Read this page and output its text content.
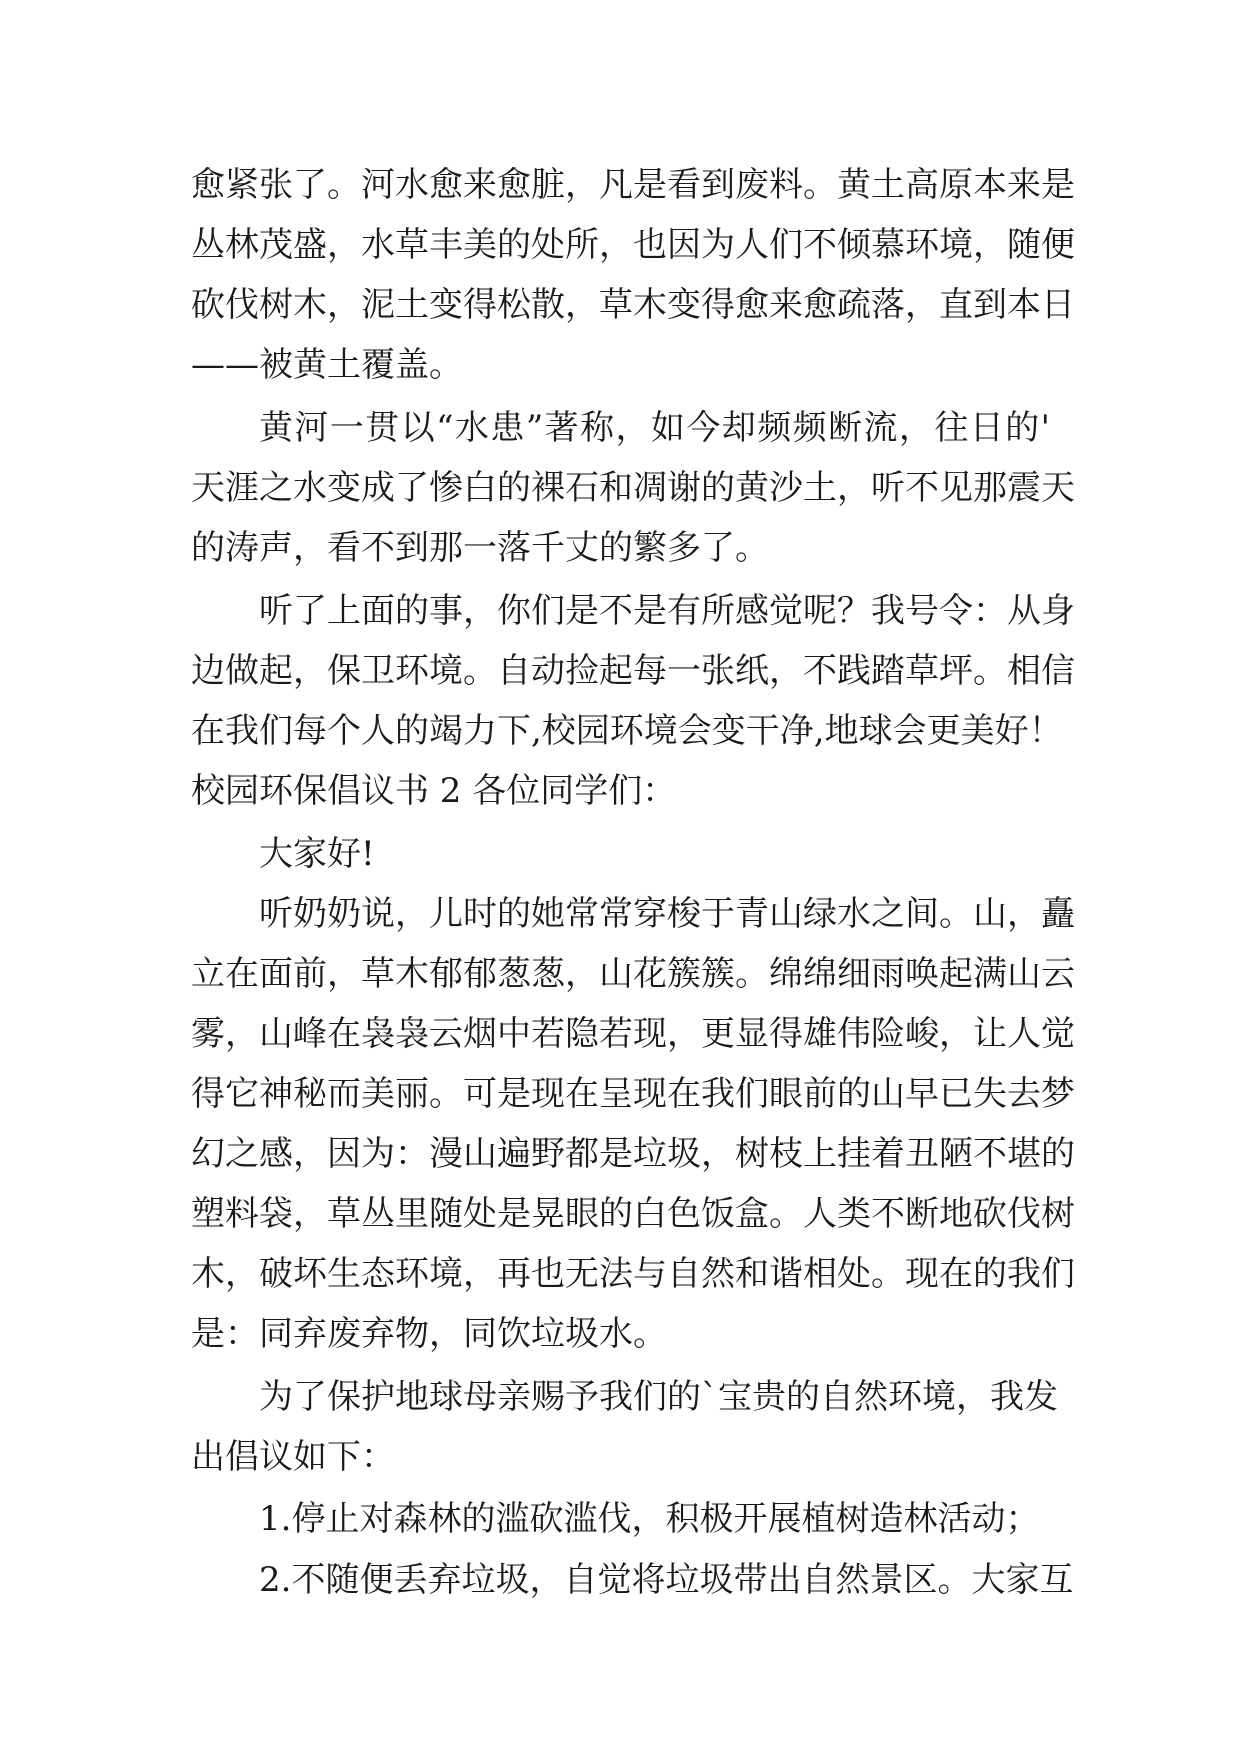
愈紧张了。河水愈来愈脏，凡是看到废料。黄土高原本来是
丛林茂盛，水草丰美的处所，也因为人们不倾慕环境，随便
砍伐树木，泥土变得松散，草木变得愈来愈疏落，直到本日
——被黄土覆盖。
黄河一贯以“水患”著称，如今却频频断流，往日的'
天涯之水变成了惨白的裸石和凋谢的黄沙土，听不见那震天
的涛声，看不到那一落千丈的繁多了。
听了上面的事，你们是不是有所感觉呢？我号令：从身
边做起，保卫环境。自动捡起每一张纸，不践踏草坪。相信
在我们每个人的竭力下,校园环境会变干净,地球会更美好！
校园环保倡议书 2 各位同学们：
大家好!
听奶奶说，儿时的她常常穿梭于青山绿水之间。山，矗
立在面前，草木郁郁葱葱，山花簇簇。绵绵细雨唤起满山云
雾，山峰在袅袅云烟中若隐若现，更显得雄伟险峻，让人觉
得它神秘而美丽。可是现在呈现在我们眼前的山早已失去梦
幻之感，因为：漫山遍野都是垃圾，树枝上挂着丑陋不堪的
塑料袋，草丛里随处是晃眼的白色饭盒。人类不断地砍伐树
木，破坏生态环境，再也无法与自然和谐相处。现在的我们
是：同弃废弃物，同饮垃圾水。
为了保护地球母亲赐予我们的`宝贵的自然环境，我发
出倡议如下：
1.停止对森林的滥砍滥伐，积极开展植树造林活动；
2.不随便丢弃垃圾，自觉将垃圾带出自然景区。大家互
